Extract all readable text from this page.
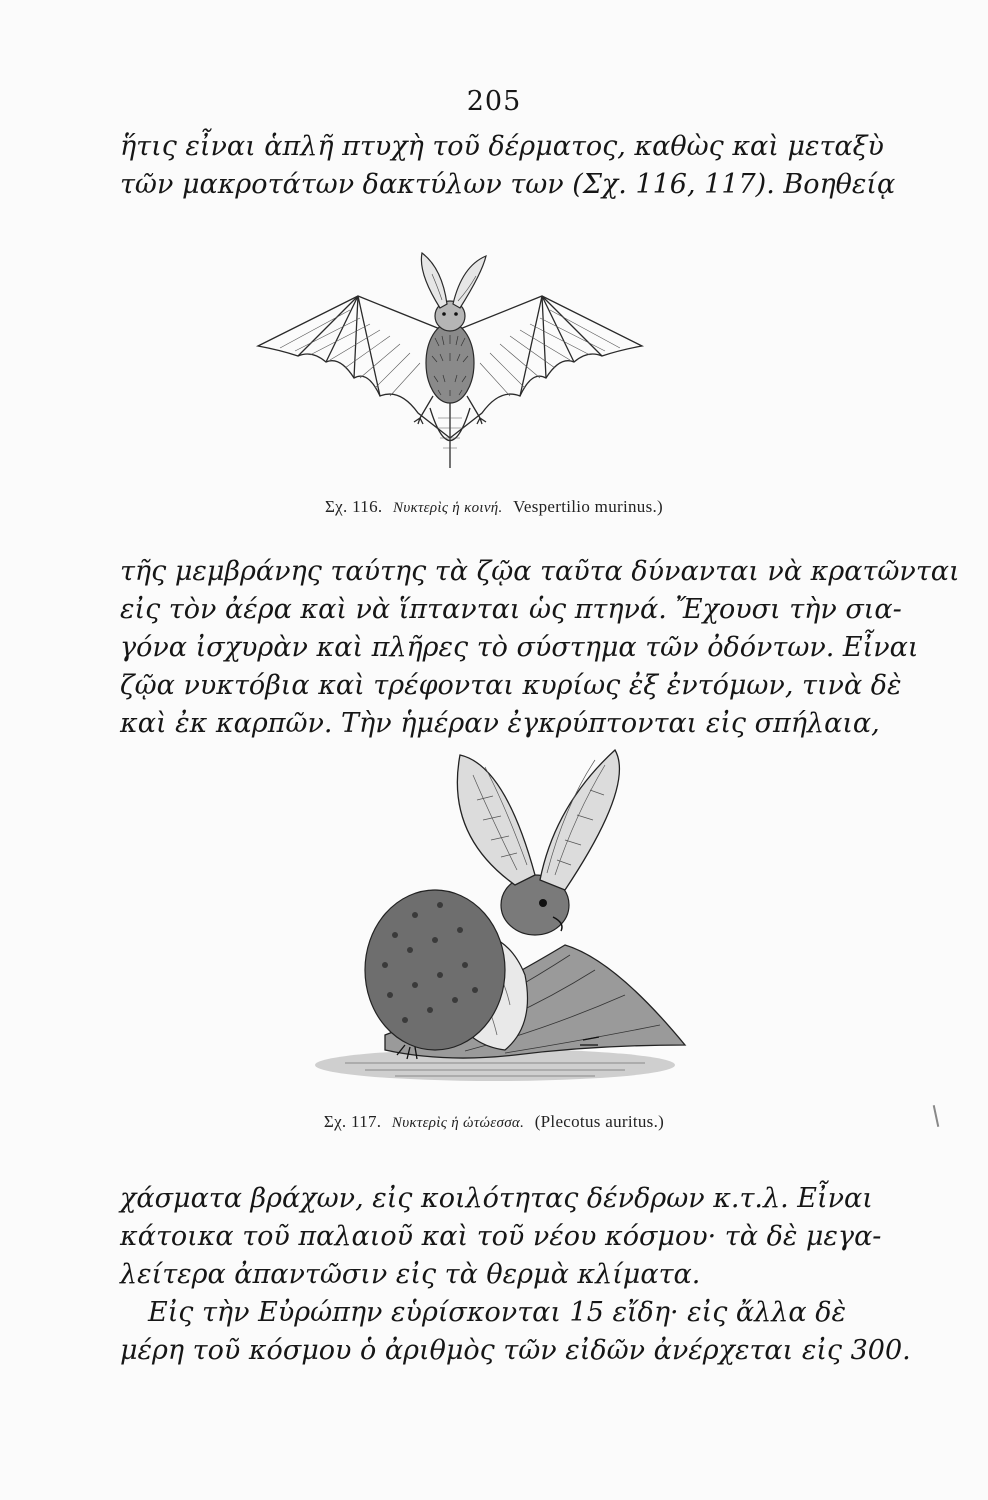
205
ἥτις εἶναι ἁπλῆ πτυχὴ τοῦ δέρματος, καθὼς καὶ μεταξὺ
τῶν μακροτάτων δακτύλων των (Σχ. 116, 117). Βοηθείᾳ
Σχ. 116. Νυκτερὶς ἡ κοινή. Vespertilio murinus.)
τῆς μεμβράνης ταύτης τὰ ζῷα ταῦτα δύνανται νὰ κρατῶνται
εἰς τὸν ἀέρα καὶ νὰ ἵπτανται ὡς πτηνά. Ἔχουσι τὴν σια-
γόνα ἰσχυρὰν καὶ πλῆρες τὸ σύστημα τῶν ὀδόντων. Εἶναι
ζῷα νυκτόβια καὶ τρέφονται κυρίως ἐξ ἐντόμων, τινὰ δὲ
καὶ ἐκ καρπῶν. Τὴν ἡμέραν ἐγκρύπτονται εἰς σπήλαια,
Σχ. 117. Νυκτερὶς ἡ ὠτώεσσα. (Plecotus auritus.)
χάσματα βράχων, εἰς κοιλότητας δένδρων κ.τ.λ. Εἶναι
κάτοικα τοῦ παλαιοῦ καὶ τοῦ νέου κόσμου· τὰ δὲ μεγα-
λείτερα ἀπαντῶσιν εἰς τὰ θερμὰ κλίματα.
Εἰς τὴν Εὐρώπην εὑρίσκονται 15 εἴδη· εἰς ἄλλα δὲ
μέρη τοῦ κόσμου ὁ ἀριθμὸς τῶν εἰδῶν ἀνέρχεται εἰς 300.
